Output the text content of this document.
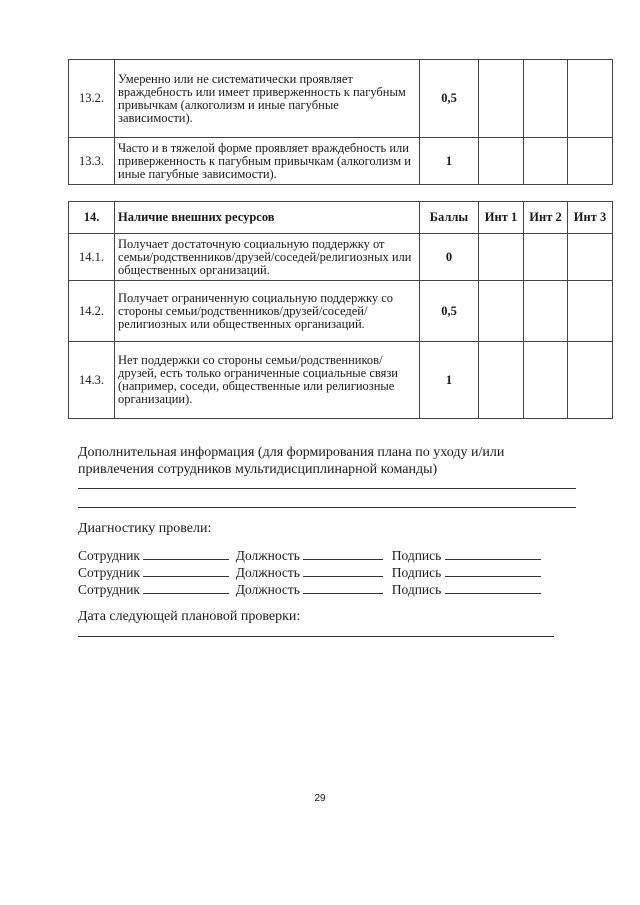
13.2.	Умеренно или не систематически проявляет враждебность или имеет приверженность к пагубным привычкам (алкоголизм и иные пагубные зависимости).	0,5			
13.3.	Часто и в тяжелой форме проявляет враждебность или приверженность к пагубным привычкам (алкоголизм и иные пагубные зависимости).	1			
14.	Наличие внешних ресурсов	Баллы	Инт 1	Инт 2	Инт 3
14.1.	Получает достаточную социальную поддержку от семьи/родственников/друзей/соседей/религиозных или общественных организаций.	0			
14.2.	Получает ограниченную социальную поддержку со стороны семьи/родственников/друзей/соседей/религиозных или общественных организаций.	0,5			
14.3.	Нет поддержки со стороны семьи/родственников/друзей, есть только ограниченные социальные связи (например, соседи, общественные или религиозные организации).	1			
Дополнительная информация (для формирования плана по уходу и/или привлечения сотрудников мультидисциплинарной команды)
Диагностику провели:
Сотрудник	Должность	Подпись
Сотрудник	Должность	Подпись
Сотрудник	Должность	Подпись
Дата следующей плановой проверки:
29
